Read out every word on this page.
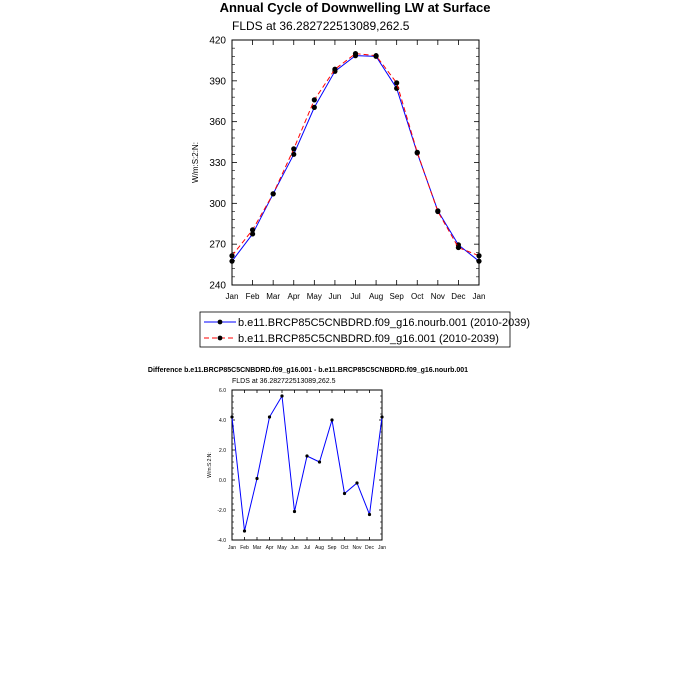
Annual Cycle of Downwelling LW at Surface
FLDS at 36.282722513089,262.5
Difference b.e11.BRCP85C5CNBDRD.f09_g16.001 - b.e11.BRCP85C5CNBDRD.f09_g16.nourb.001
FLDS at 36.282722513089,262.5
Jan Feb Mar Apr May Jun Jul Aug Sep Oct Nov Dec Jan
240
270
300
330
360
390
420
W/m:S:2:N:
b.e11.BRCP85C5CNBDRD.f09_g16.nourb.001 (2010-2039)
b.e11.BRCP85C5CNBDRD.f09_g16.001 (2010-2039)
Jan Feb Mar Apr May Jun Jul Aug Sep Oct Nov Dec Jan
-4.0
-2.0
0.0
2.0
4.0
6.0
W/m:S:2:N:
